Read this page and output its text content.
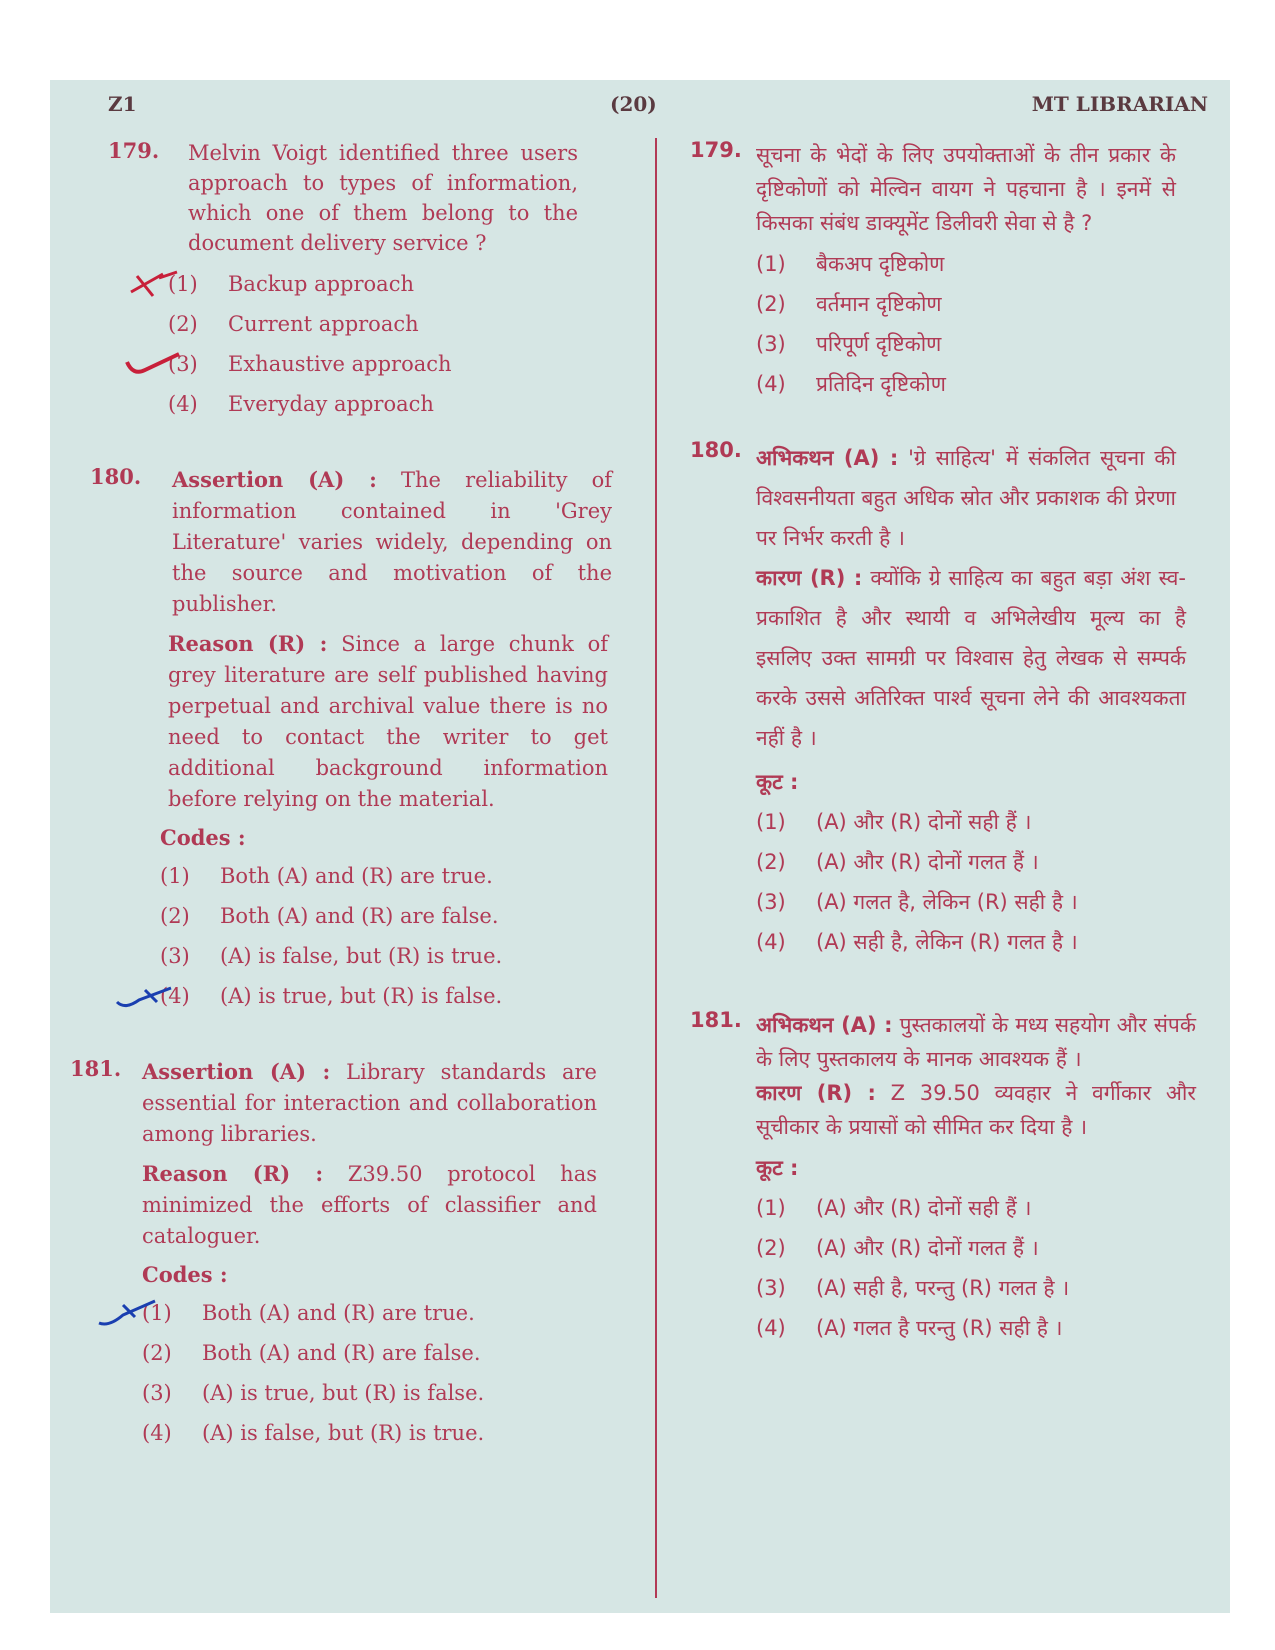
Z1	(20)	MT LIBRARIAN
179. Melvin Voigt identified three users approach to types of information, which one of them belong to the document delivery service ?
(1) Backup approach
(2) Current approach
(3) Exhaustive approach
(4) Everyday approach
180. Assertion (A) : The reliability of information contained in 'Grey Literature' varies widely, depending on the source and motivation of the publisher.
Reason (R) : Since a large chunk of grey literature are self published having perpetual and archival value there is no need to contact the writer to get additional background information before relying on the material.
Codes :
(1) Both (A) and (R) are true.
(2) Both (A) and (R) are false.
(3) (A) is false, but (R) is true.
(4) (A) is true, but (R) is false.
181. Assertion (A) : Library standards are essential for interaction and collaboration among libraries.
Reason (R) : Z39.50 protocol has minimized the efforts of classifier and cataloguer.
Codes :
(1) Both (A) and (R) are true.
(2) Both (A) and (R) are false.
(3) (A) is true, but (R) is false.
(4) (A) is false, but (R) is true.
179. सूचना के भेदों के लिए उपयोक्ताओं के तीन प्रकार के दृष्टिकोणों को मेल्विन वायग ने पहचाना है । इनमें से किसका संबंध डाक्यूमेंट डिलीवरी सेवा से है ?
(1) बैकअप दृष्टिकोण
(2) वर्तमान दृष्टिकोण
(3) परिपूर्ण दृष्टिकोण
(4) प्रतिदिन दृष्टिकोण
180. अभिकथन (A) : 'ग्रे साहित्य' में संकलित सूचना की विश्वसनीयता बहुत अधिक स्रोत और प्रकाशक की प्रेरणा पर निर्भर करती है ।
कारण (R) : क्योंकि ग्रे साहित्य का बहुत बड़ा अंश स्व-प्रकाशित है और स्थायी व अभिलेखीय मूल्य का है इसलिए उक्त सामग्री पर विश्वास हेतु लेखक से सम्पर्क करके उससे अतिरिक्त पार्श्व सूचना लेने की आवश्यकता नहीं है ।
कूट :
(1) (A) और (R) दोनों सही हैं ।
(2) (A) और (R) दोनों गलत हैं ।
(3) (A) गलत है, लेकिन (R) सही है ।
(4) (A) सही है, लेकिन (R) गलत है ।
181. अभिकथन (A) : पुस्तकालयों के मध्य सहयोग और संपर्क के लिए पुस्तकालय के मानक आवश्यक हैं ।
कारण (R) : Z 39.50 व्यवहार ने वर्गीकार और सूचीकार के प्रयासों को सीमित कर दिया है ।
कूट :
(1) (A) और (R) दोनों सही हैं ।
(2) (A) और (R) दोनों गलत हैं ।
(3) (A) सही है, परन्तु (R) गलत है ।
(4) (A) गलत है परन्तु (R) सही है ।
